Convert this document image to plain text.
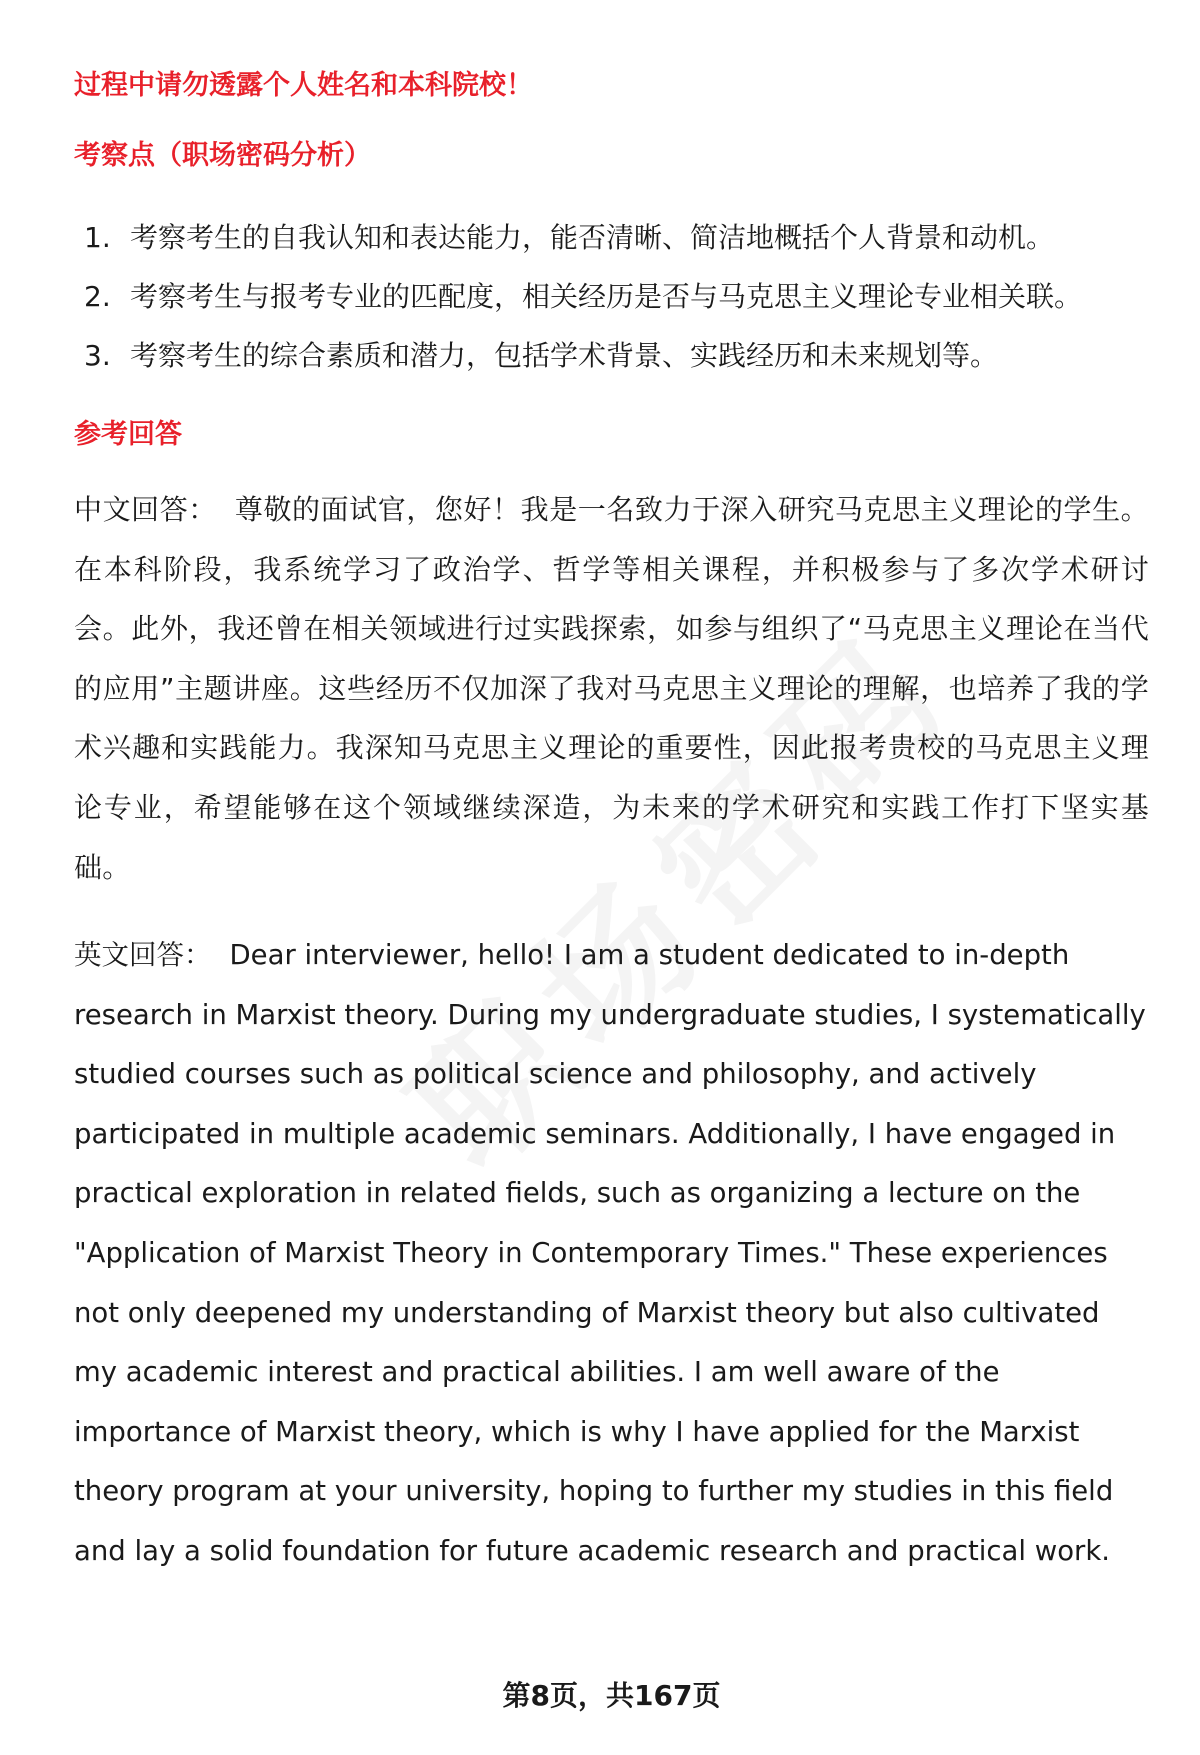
过程中请勿透露个人姓名和本科院校！
考察点（职场密码分析）
1. 考察考生的自我认知和表达能力，能否清晰、简洁地概括个人背景和动机。
2. 考察考生与报考专业的匹配度，相关经历是否与马克思主义理论专业相关联。
3. 考察考生的综合素质和潜力，包括学术背景、实践经历和未来规划等。
参考回答

中文回答： 尊敬的面试官，您好！我是一名致力于深入研究马克思主义理论的学生。在本科阶段，我系统学习了政治学、哲学等相关课程，并积极参与了多次学术研讨会。此外，我还曾在相关领域进行过实践探索，如参与组织了“马克思主义理论在当代的应用”主题讲座。这些经历不仅加深了我对马克思主义理论的理解，也培养了我的学术兴趣和实践能力。我深知马克思主义理论的重要性，因此报考贵校的马克思主义理论专业，希望能够在这个领域继续深造，为未来的学术研究和实践工作打下坚实基础。

英文回答： Dear interviewer, hello! I am a student dedicated to in-depth research in Marxist theory. During my undergraduate studies, I systematically studied courses such as political science and philosophy, and actively participated in multiple academic seminars. Additionally, I have engaged in practical exploration in related fields, such as organizing a lecture on the "Application of Marxist Theory in Contemporary Times." These experiences not only deepened my understanding of Marxist theory but also cultivated my academic interest and practical abilities. I am well aware of the importance of Marxist theory, which is why I have applied for the Marxist theory program at your university, hoping to further my studies in this field and lay a solid foundation for future academic research and practical work.

第8页，共167页
